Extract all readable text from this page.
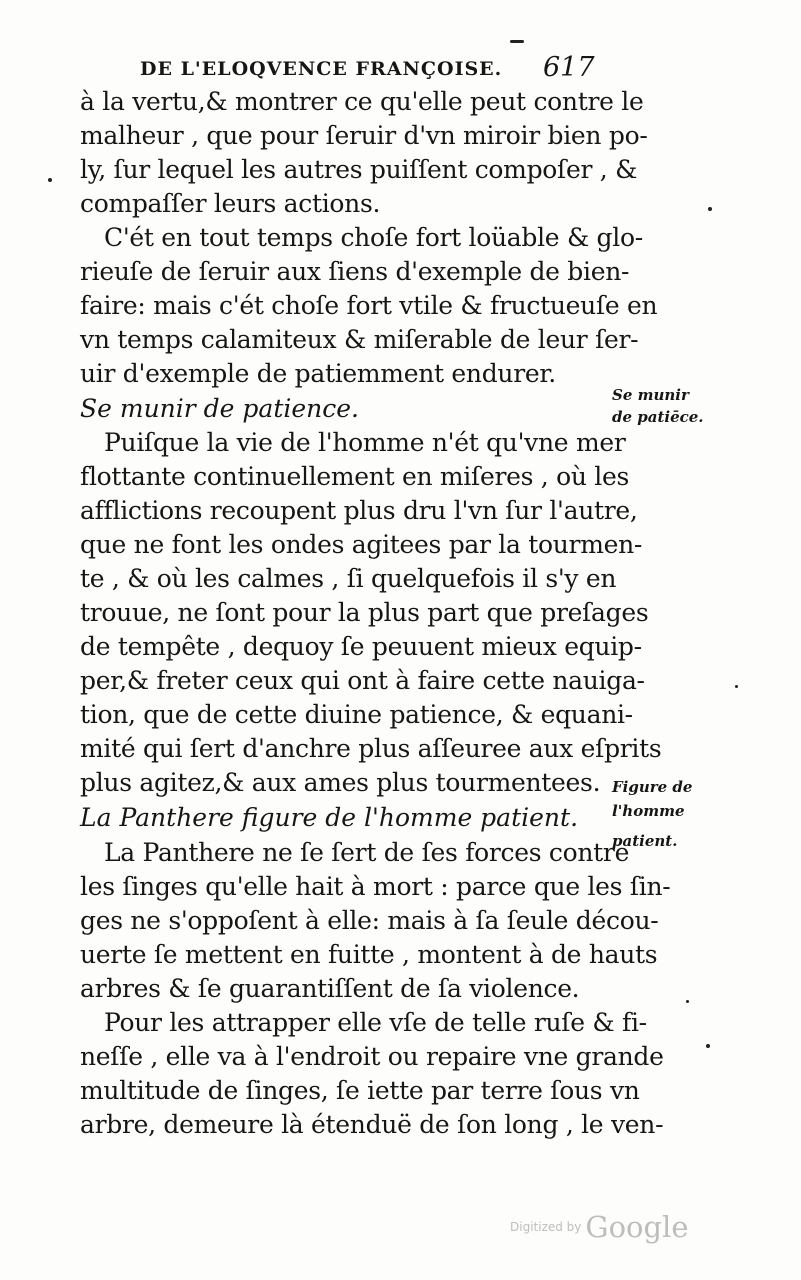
DE L'ELOQVENCE FRANÇOISE. 617
à la vertu,& montrer ce qu'elle peut contre le
malheur , que pour ſeruir d'vn miroir bien po-
ly, ſur lequel les autres puiſſent compoſer , &
compaſſer leurs actions.
C'ét en tout temps choſe fort loüable & glo-
rieuſe de ſeruir aux ſiens d'exemple de bien-
faire: mais c'ét choſe fort vtile & fructueuſe en
vn temps calamiteux & miſerable de leur ſer-
uir d'exemple de patiemment endurer.
Se munir de patience.	Se munir
de patiēce.
Puiſque la vie de l'homme n'ét qu'vne mer
flottante continuellement en miſeres , où les
afflictions recoupent plus dru l'vn ſur l'autre,
que ne font les ondes agitees par la tourmen-
te , & où les calmes , ſi quelquefois il s'y en
trouue, ne ſont pour la plus part que preſages
de tempête , dequoy ſe peuuent mieux equip-
per,& freter ceux qui ont à faire cette nauiga-
tion, que de cette diuine patience, & equani-
mité qui ſert d'anchre plus aſſeuree aux eſprits
plus agitez,& aux ames plus tourmentees.
La Panthere figure de l'homme patient.
Figure de
l'homme
patient.
La Panthere ne ſe ſert de ſes forces contre
les ſinges qu'elle hait à mort : parce que les ſin-
ges ne s'oppoſent à elle: mais à ſa ſeule décou-
uerte ſe mettent en fuitte , montent à de hauts
arbres & ſe guarantiſſent de ſa violence.
Pour les attrapper elle vſe de telle ruſe & fi-
neſſe , elle va à l'endroit ou repaire vne grande
multitude de ſinges, ſe iette par terre ſous vn
arbre, demeure là étenduë de ſon long , le ven-
Digitized by Google
